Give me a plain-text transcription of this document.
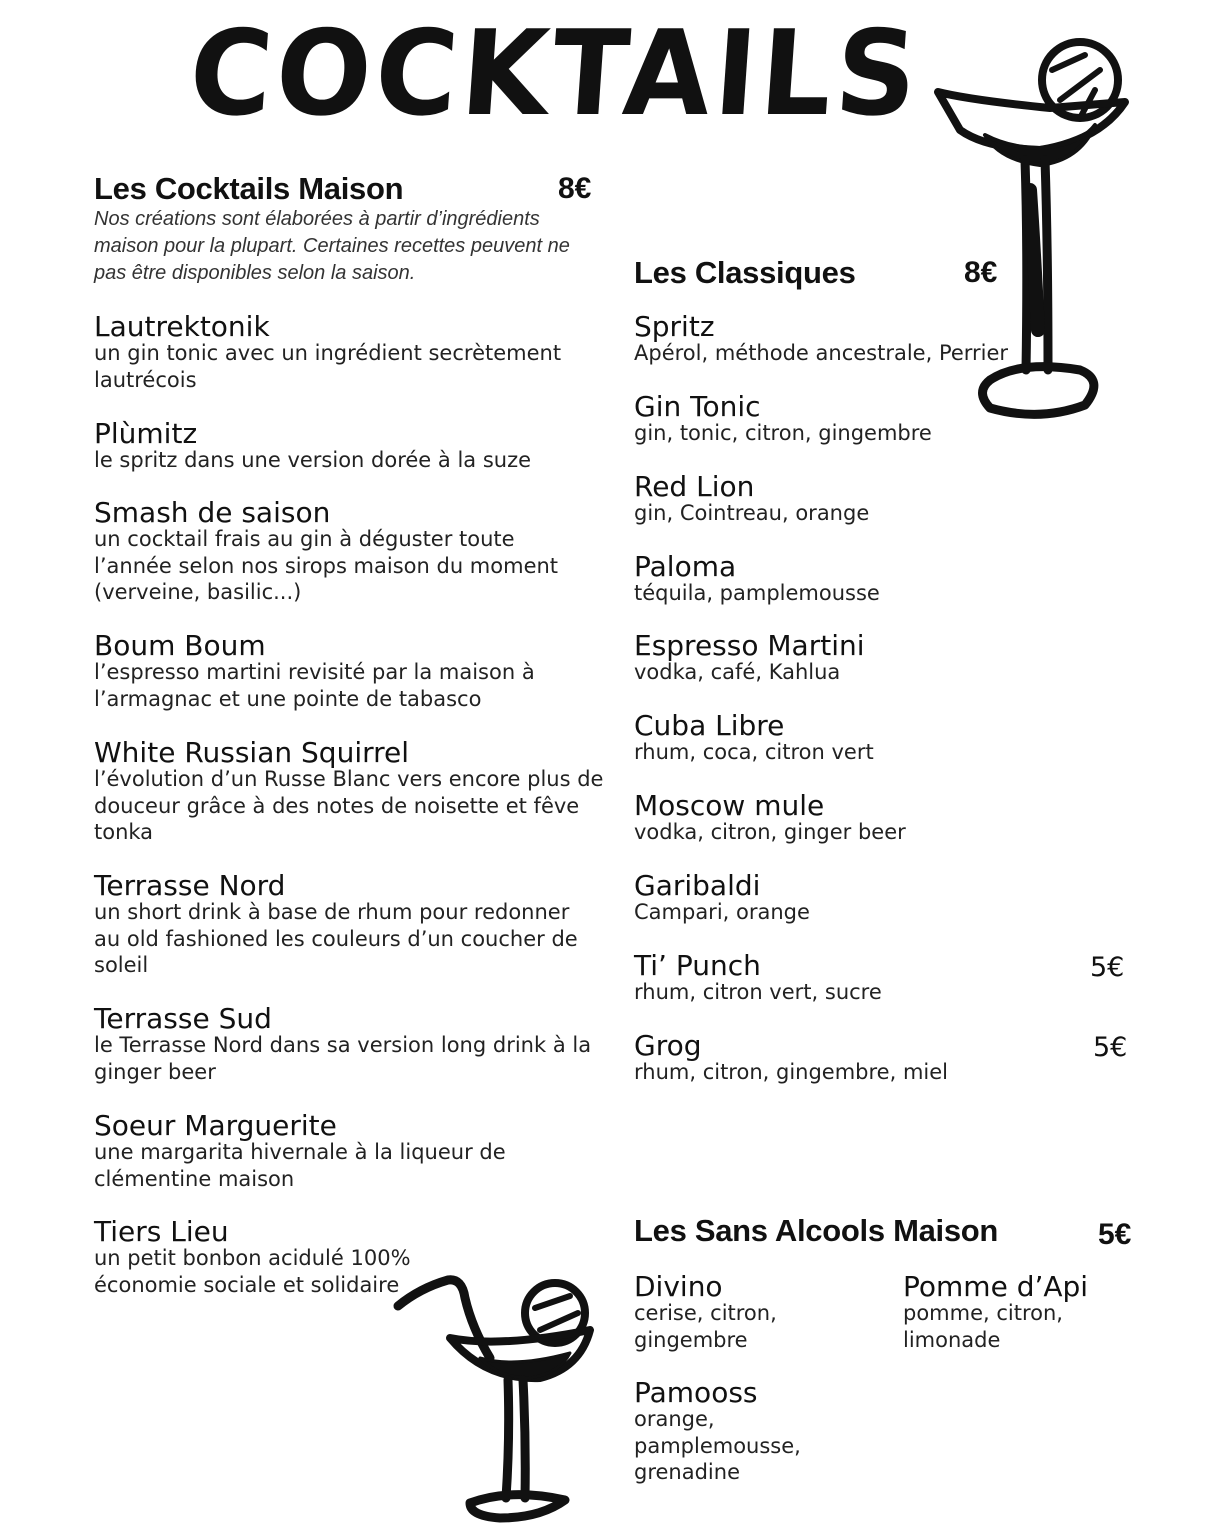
COCKTAILS
Les Cocktails Maison	8€
Nos créations sont élaborées à partir d’ingrédients maison pour la plupart. Certaines recettes peuvent ne pas être disponibles selon la saison.
Lautrektonik
un gin tonic avec un ingrédient secrètement lautrécois
Plùmitz
le spritz dans une version dorée à la suze
Smash de saison
un cocktail frais au gin à déguster toute l’année selon nos sirops maison du moment (verveine, basilic...)
Boum Boum
l’espresso martini revisité par la maison à l’armagnac et une pointe de tabasco
White Russian Squirrel
l’évolution d’un Russe Blanc vers encore plus de douceur grâce à des notes de noisette et fêve tonka
Terrasse Nord
un short drink à base de rhum pour redonner au old fashioned les couleurs d’un coucher de soleil
Terrasse Sud
le Terrasse Nord dans sa version long drink à la ginger beer
Soeur Marguerite
une margarita hivernale à la liqueur de clémentine maison
Tiers Lieu
un petit bonbon acidulé 100% économie sociale et solidaire
Les Classiques	8€
Spritz
Apérol, méthode ancestrale, Perrier
Gin Tonic
gin, tonic, citron, gingembre
Red Lion
gin, Cointreau, orange
Paloma
téquila, pamplemousse
Espresso Martini
vodka, café, Kahlua
Cuba Libre
rhum, coca, citron vert
Moscow mule
vodka, citron, ginger beer
Garibaldi
Campari, orange
Ti’ Punch
rhum, citron vert, sucre
5€
Grog
rhum, citron, gingembre, miel
5€
Les Sans Alcools Maison	5€
Divino
cerise, citron, gingembre
Pomme d’Api
pomme, citron, limonade
Pamooss
orange, pamplemousse, grenadine
